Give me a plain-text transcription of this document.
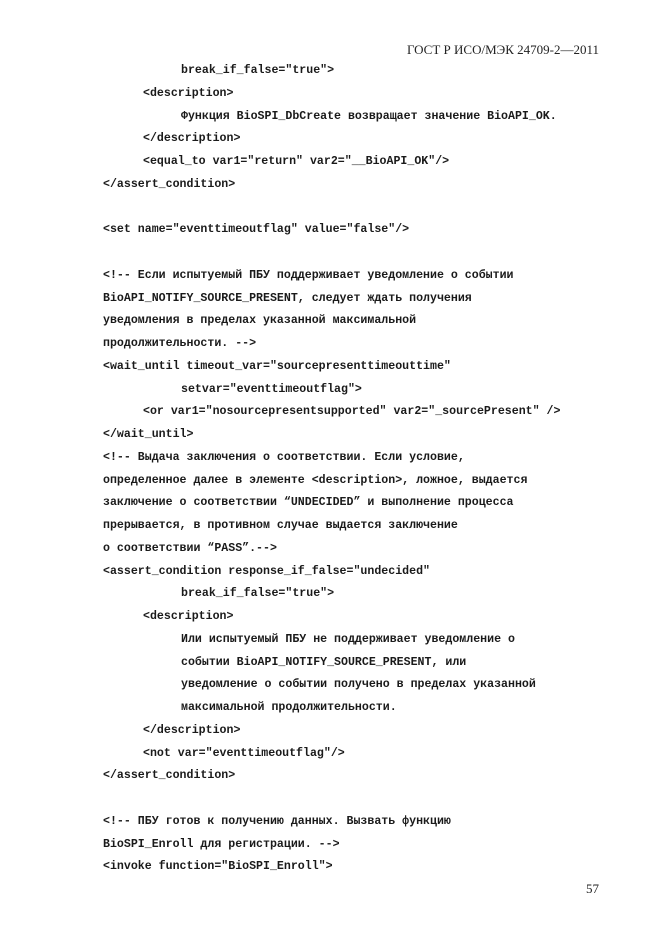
ГОСТ Р ИСО/МЭК 24709-2—2011
break_if_false="true">
<description>
Функция BioSPI_DbCreate возвращает значение BioAPI_OK.
</description>
<equal_to var1="return" var2="__BioAPI_OK"/>
</assert_condition>
<set name="eventtimeoutflag" value="false"/>
<!-- Если испытуемый ПБУ поддерживает уведомление о событии
BioAPI_NOTIFY_SOURCE_PRESENT, следует ждать получения
уведомления в пределах указанной максимальной
продолжительности. -->
<wait_until timeout_var="sourcepresenttimeouttime"
setvar="eventtimeoutflag">
<or var1="nosourcepresentsupported" var2="_sourcePresent" />
</wait_until>
<!-- Выдача заключения о соответствии. Если условие,
определенное далее в элементе <description>, ложное, выдается
заключение о соответствии “UNDECIDED” и выполнение процесса
прерывается, в противном случае выдается заключение
о соответствии “PASS”.-->
<assert_condition response_if_false="undecided"
break_if_false="true">
<description>
Или испытуемый ПБУ не поддерживает уведомление о
событии BioAPI_NOTIFY_SOURCE_PRESENT, или
уведомление о событии получено в пределах указанной
максимальной продолжительности.
</description>
<not var="eventtimeoutflag"/>
</assert_condition>
<!-- ПБУ готов к получению данных. Вызвать функцию
BioSPI_Enroll для регистрации. -->
<invoke function="BioSPI_Enroll">
57
